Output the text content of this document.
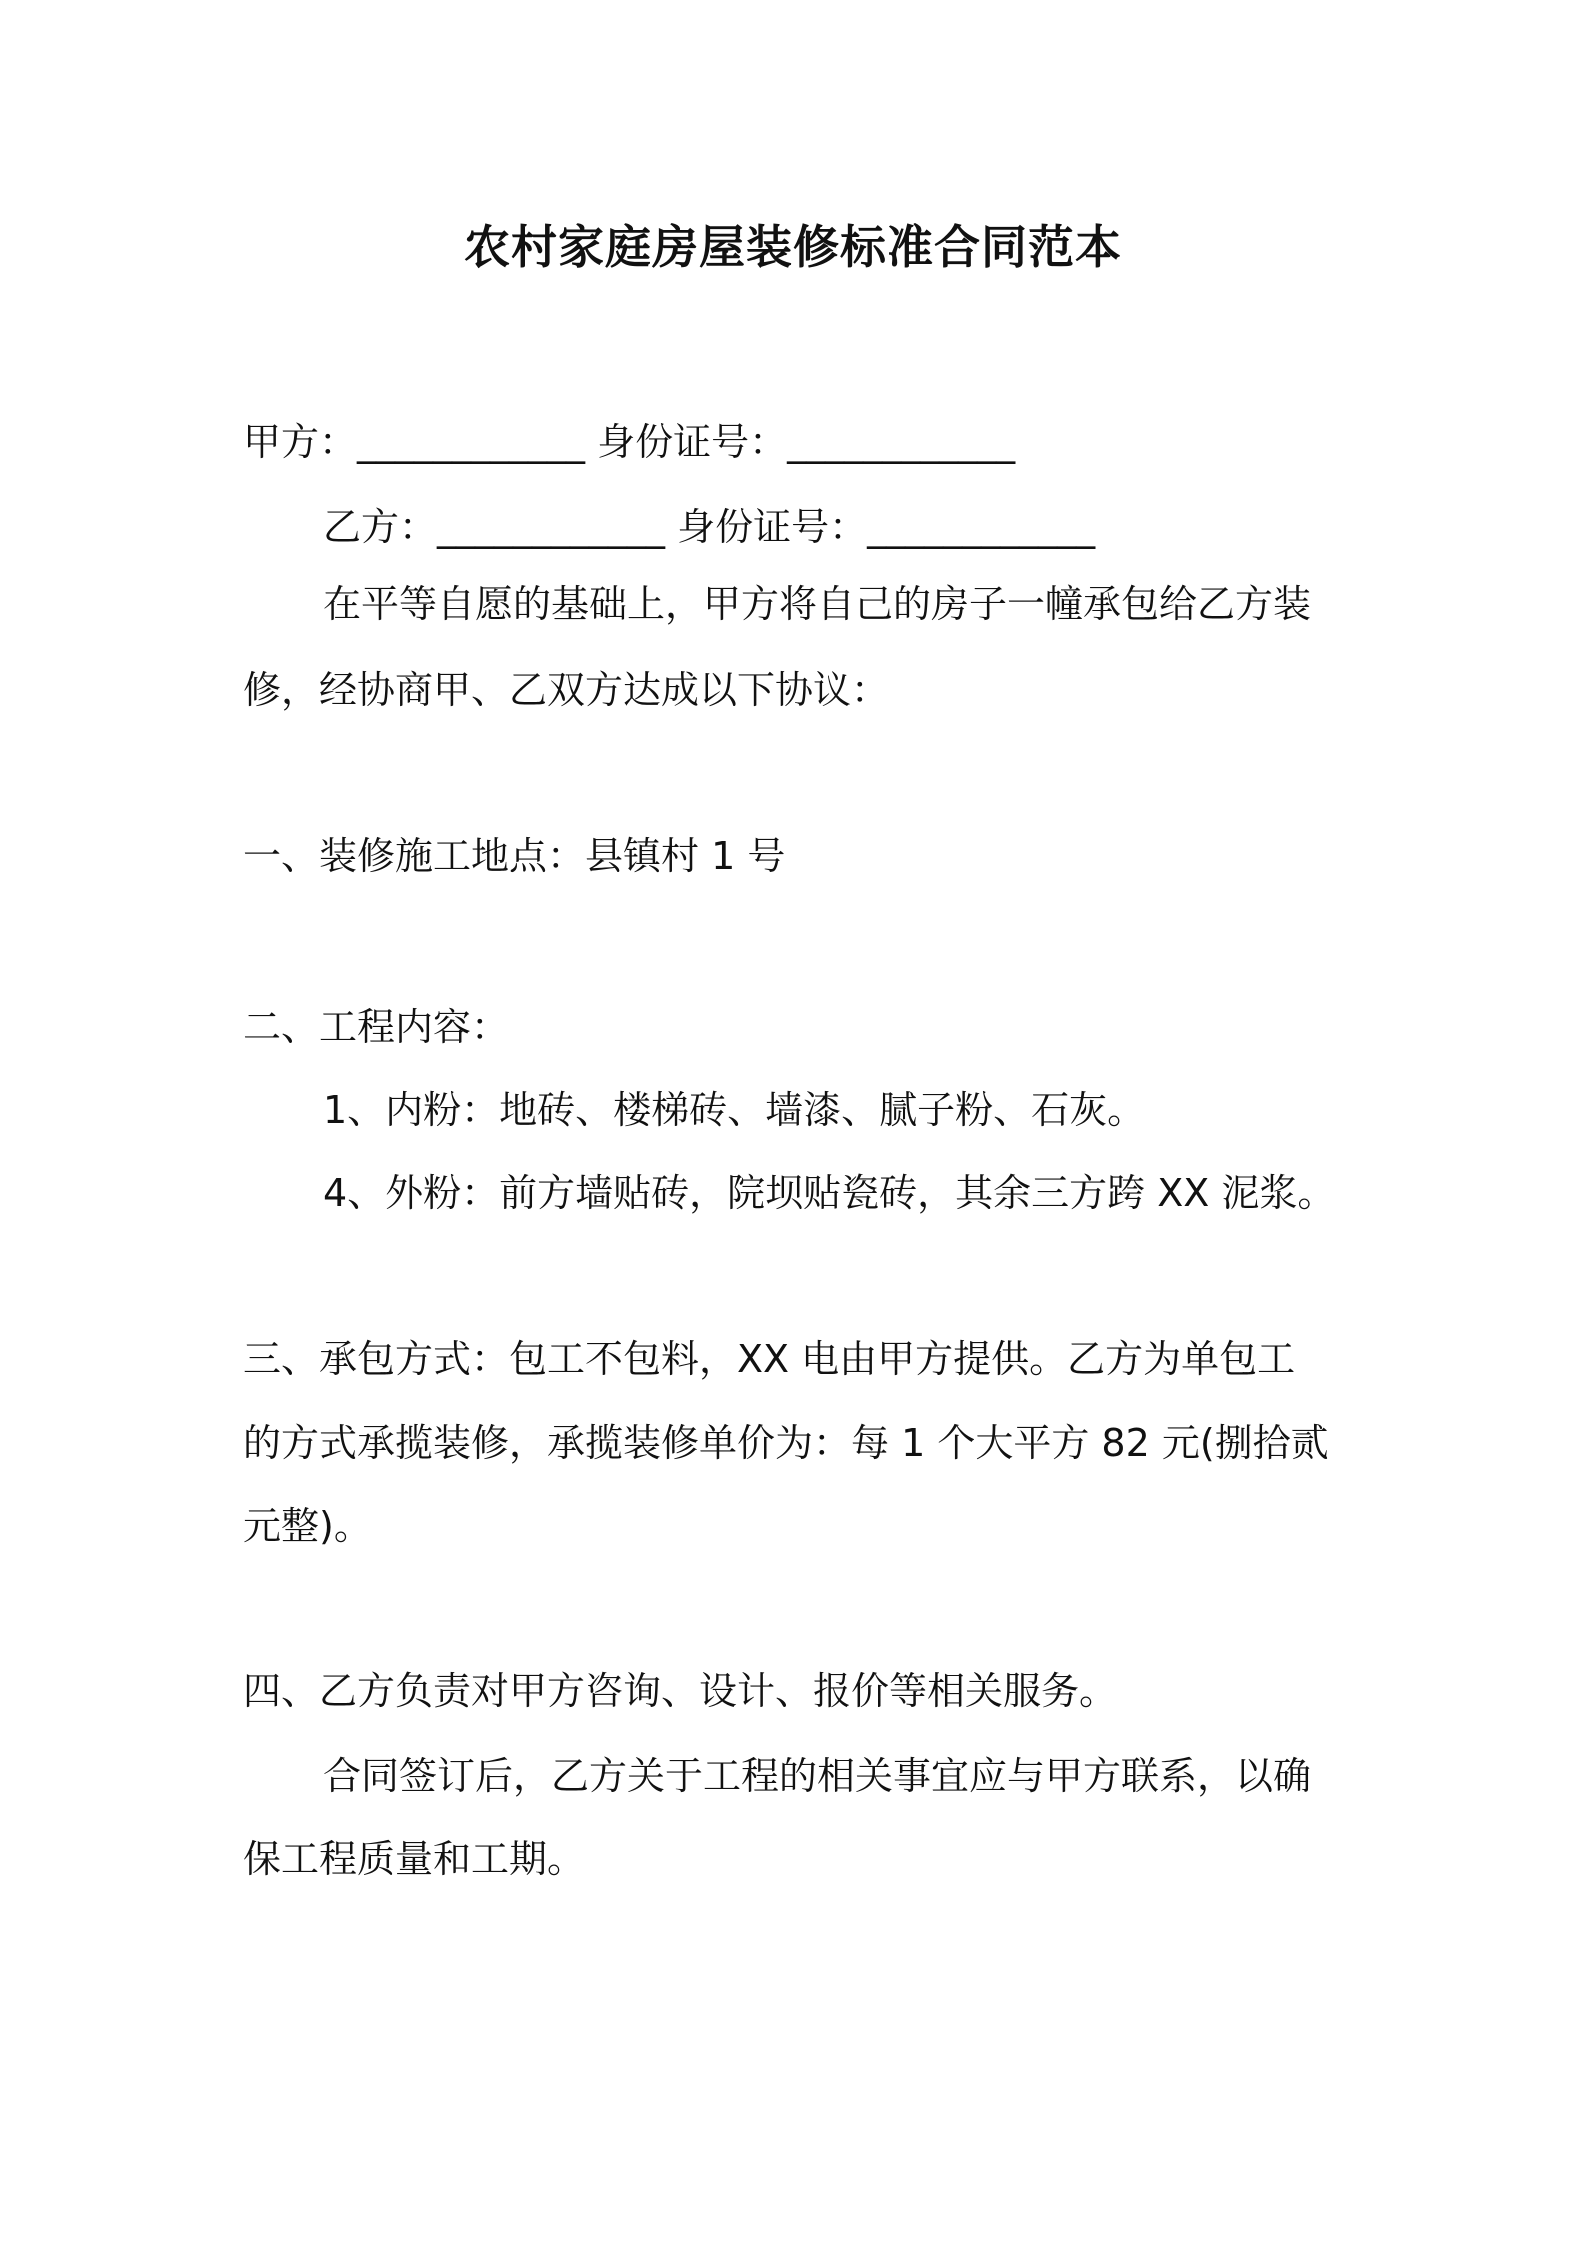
农村家庭房屋装修标准合同范本
甲方：____________ 身份证号：____________
乙方：____________ 身份证号：____________
在平等自愿的基础上，甲方将自己的房子一幢承包给乙方装
修，经协商甲、乙双方达成以下协议：
一、装修施工地点：县镇村 1 号
二、工程内容：
1、内粉：地砖、楼梯砖、墙漆、腻子粉、石灰。
4、外粉：前方墙贴砖，院坝贴瓷砖，其余三方跨 XX 泥浆。
三、承包方式：包工不包料，XX 电由甲方提供。乙方为单包工
的方式承揽装修，承揽装修单价为：每 1 个大平方 82 元(捌拾贰
元整)。
四、乙方负责对甲方咨询、设计、报价等相关服务。
合同签订后，乙方关于工程的相关事宜应与甲方联系，以确
保工程质量和工期。
